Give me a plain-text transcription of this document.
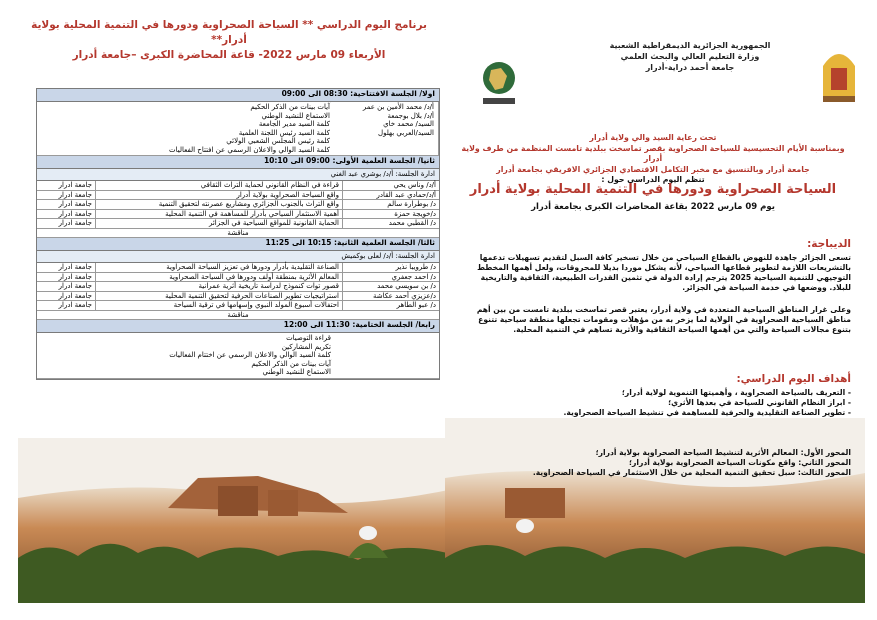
برنامج اليوم الدراسي ** السياحة الصحراوية ودورها في التنمية المحلية بولاية أدرار**
الأربعاء 09 مارس 2022- قاعة المحاضرة الكبرى –جامعة أدرار
اولا/ الجلسة الافتتاحية: 08:30 الى 09:00
أ/د/ محمد الأمين بن عمر
أ/د/ بلال بوجمعة
السيد/ محمد خاي
السيد/العربي بهلول
آيات بينات من الذكر الحكيم
الاستماع للنشيد الوطني
كلمة السيد مدير الجامعة
كلمة السيد رئيس اللجنة العلمية
كلمة رئيس المجلس الشعبي الولائي
كلمة السيد الوالي والاعلان الرسمي عن افتتاح الفعاليات
ثانيا/ الجلسة العلمية الأولى: 09:00 الى 10:10
ادارة الجلسة: أ/د/ بوشري عبد الغني
أ/د/ وناس يحي
قراءة في النظام القانوني لحماية التراث الثقافي
جامعة ادرار
أ/د/حمادي عبد القادر
واقع السياحة الصحراوية بولاية أدرار
جامعة ادرار
د/ بوطرارة سالم
واقع التراث بالجنوب الجزائري ومشاريع عصرنته لتحقيق التنمية
جامعة ادرار
د/خويجة حمزة
أهمية الاستثمار السياحي بأدرار للمساهمة في التنمية المحلية
جامعة ادرار
د/ القطبي محمد
الحماية القانونية للمواقع السياحية في الجزائر
جامعة ادرار
مناقشة
ثالثا/ الجلسة العلمية الثانية: 10:15 الى 11:25
ادارة الجلسة: أ/د/ لعلى بوكميش
د/ طرويبا نذير
الصناعة التقليدية بأدرار ودورها في تعزيز السياحة الصحراوية
جامعة ادرار
د/ احمد جعفري
المعالم الأثرية بمنطقة أولف ودورها في السياحة الصحراوية
جامعة ادرار
د/ بن سويسي محمد
قصور توات كنموذج لدراسة تاريخية أثرية عمرانية
جامعة ادرار
د/عزيزي أحمد عكاشة
استراتيجيات تطوير الصناعات الحرفية لتحقيق التنمية المحلية
جامعة ادرار
د/ عبو الطاهر
احتفالات أسبوع المولد النبوي وإسهامها في ترقية السياحة
جامعة ادرار
مناقشة
رابعا/ الجلسة الختامية: 11:30 الى 12:00
قراءة التوصيات
تكريم المشاركين
كلمة السيد الوالي والاعلان الرسمي عن اختتام الفعاليات
آيات بينات من الذكر الحكيم
الاستماع للنشيد الوطني
الجمهورية الجزائرية الديمقراطية الشعبية
وزارة التعليم العالي والبحث العلمي
جامعة أحمد دراية-أدرار
تحت رعاية السيد والي ولاية أدرار
وبمناسبة الأيام التحسيسية للسياحة الصحراوية بقصر تماسخت ببلدية تامست المنظمة من طرف ولاية أدرار
جامعة أدرار وبالتنسيق مع مخبر التكامل الاقتصادي الجزائري الافريقي بجامعة أدرار
تنظم اليوم الدراسي حول :
السياحة الصحراوية ودورها في التنمية المحلية بولاية أدرار
يوم 09 مارس 2022 بقاعة المحاضرات الكبرى بجامعة أدرار
الديباجة:
تسعى الجزائر جاهدة للنهوض بالقطاع السياحي من خلال تسخير كافة السبل لتقديم تسهيلات تدعمها بالتشريعات اللازمة لتطوير قطاعها السياحي، لأنه يشكل موردا بديلا للمحروقات، ولعل أهمها المخطط التوجيهي للتنمية السياحية 2025 يترجم إرادة الدولة في تثمين القدرات الطبيعية، الثقافية والتاريخية للبلاد. ووضعها في خدمة السياحة في الجزائر.
وعلى غرار المناطق السياحية المتعددة في ولاية أدرار، يعتبر قصر تماسخت ببلدية تامست من بين أهم مناطق السياحية الصحراوية في الولاية لما يزخر به من مؤهلات ومقومات تجعلها منطقة سياحية تتنوع بتنوع مجالات السياحة والتي من أهمها السياحة الثقافية والأثرية تساهم في التنمية المحلية.
أهداف اليوم الدراسي:
- التعريف بالسياحة الصحراوية ، وأهميتها التنموية لولاية أدرار؛
- ابراز النظام القانوني للسياحة في بعدها الأثري؛
- تطوير الصناعة التقليدية والحرفية للمساهمة في تنشيط السياحة الصحراوية.
المحور الأول: المعالم الأثرية لتنشيط السياحة الصحراوية بولاية أدرار؛
المحور الثاني: واقع مكونات السياحة الصحراوية بولاية أدرار؛
المحور الثالث: سبل تحقيق التنمية المحلية من خلال الاستثمار في السياحة الصحراوية.
